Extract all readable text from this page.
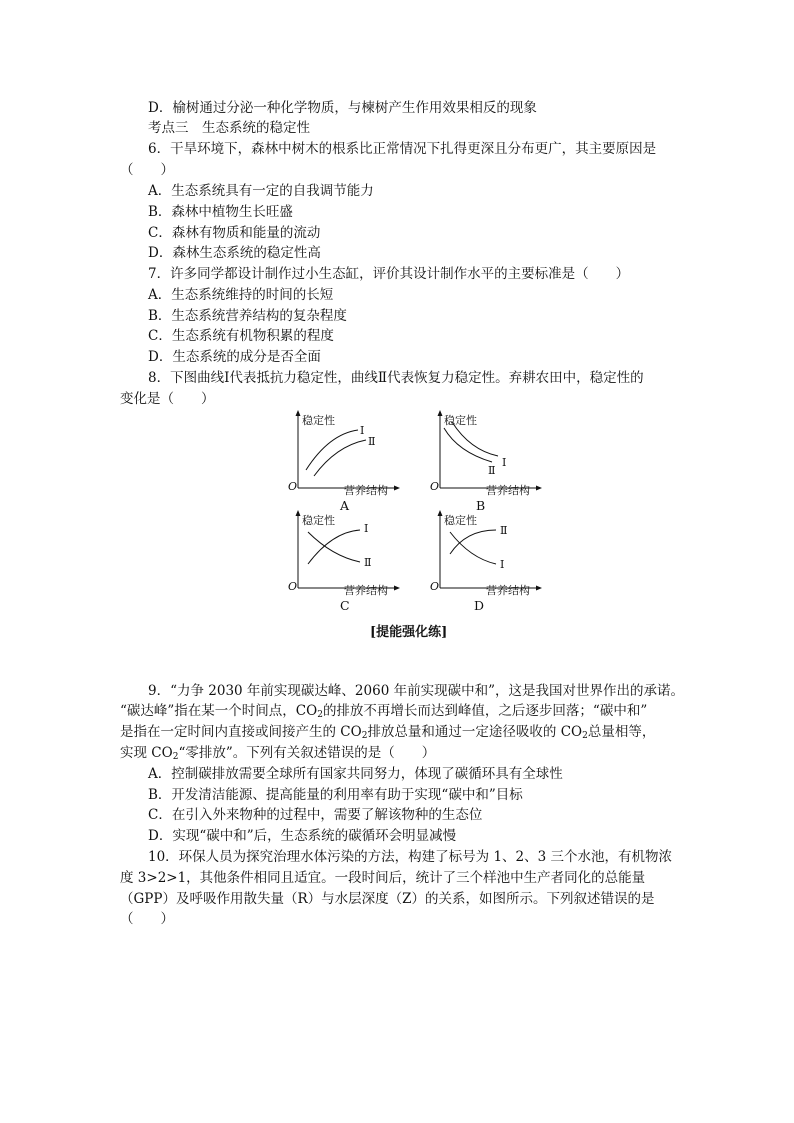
D．榆树通过分泌一种化学物质，与楝树产生作用效果相反的现象
考点三　生态系统的稳定性
6．干旱环境下，森林中树木的根系比正常情况下扎得更深且分布更广，其主要原因是
（　　）
A．生态系统具有一定的自我调节能力
B．森林中植物生长旺盛
C．森林有物质和能量的流动
D．森林生态系统的稳定性高
7．许多同学都设计制作过小生态缸，评价其设计制作水平的主要标准是（　　）
A．生态系统维持的时间的长短
B．生态系统营养结构的复杂程度
C．生态系统有机物积累的程度
D．生态系统的成分是否全面
8．下图曲线Ⅰ代表抵抗力稳定性，曲线Ⅱ代表恢复力稳定性。弃耕农田中，稳定性的
变化是（　　）
稳定性
Ⅰ
Ⅱ
O	营养结构
A
稳定性
Ⅰ
Ⅱ
O	营养结构
B
稳定性
Ⅰ
Ⅱ
O	营养结构
C
稳定性
Ⅱ
Ⅰ
O	营养结构
D
[提能强化练]
9．“力争 2030 年前实现碳达峰、2060 年前实现碳中和”，这是我国对世界作出的承诺。
“碳达峰”指在某一个时间点，$CO_2$的排放不再增长而达到峰值，之后逐步回落；“碳中和”
是指在一定时间内直接或间接产生的 $CO_2$排放总量和通过一定途径吸收的 $CO_2$总量相等，
实现 $CO_2“$零排放”。下列有关叙述错误的是（　　）
A．控制碳排放需要全球所有国家共同努力，体现了碳循环具有全球性
B．开发清洁能源、提高能量的利用率有助于实现“碳中和”目标
C．在引入外来物种的过程中，需要了解该物种的生态位
D．实现“碳中和”后，生态系统的碳循环会明显减慢
10．环保人员为探究治理水体污染的方法，构建了标号为 1、2、3 三个水池，有机物浓
度 3>2>1，其他条件相同且适宜。一段时间后，统计了三个样池中生产者同化的总能量
（GPP）及呼吸作用散失量（R）与水层深度（Z）的关系，如图所示。下列叙述错误的是
（　　）
